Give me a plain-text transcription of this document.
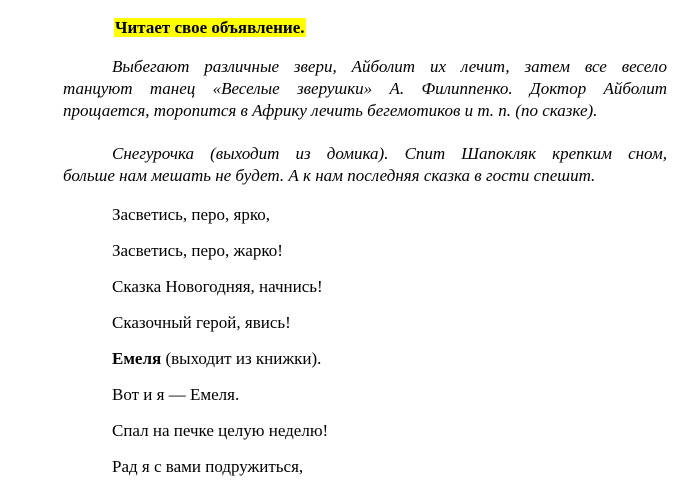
Читает свое объявление.
Выбегают различные звери, Айболит их лечит, затем все весело
танцуют танец «Веселые зверушки» А. Филиппенко. Доктор Айболит
прощается, торопится в Африку лечить бегемотиков и т. п. (по сказке).
Снегурочка (выходит из домика). Спит Шапокляк крепким сном,
больше нам мешать не будет. А к нам последняя сказка в гости спешит.
Засветись, перо, ярко,
Засветись, перо, жарко!
Сказка Новогодняя, начнись!
Сказочный герой, явись!
Емеля (выходит из книжки).
Вот и я — Емеля.
Спал на печке целую неделю!
Рад я с вами подружиться,
